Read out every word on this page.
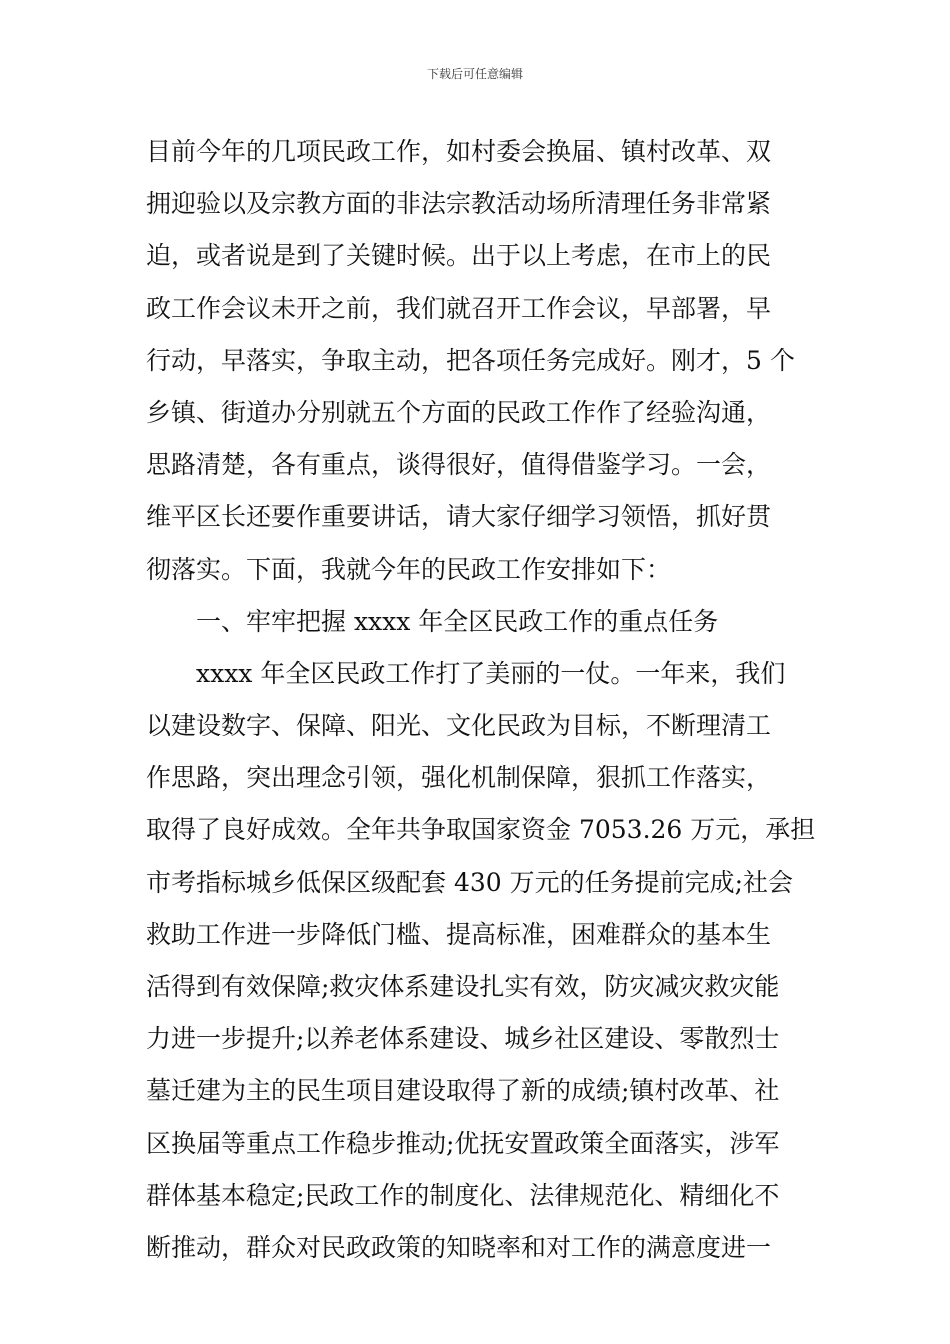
下载后可任意编辑
目前今年的几项民政工作，如村委会换届、镇村改革、双
拥迎验以及宗教方面的非法宗教活动场所清理任务非常紧
迫，或者说是到了关键时候。出于以上考虑，在市上的民
政工作会议未开之前，我们就召开工作会议，早部署，早
行动，早落实，争取主动，把各项任务完成好。刚才，5 个
乡镇、街道办分别就五个方面的民政工作作了经验沟通，
思路清楚，各有重点，谈得很好，值得借鉴学习。一会，
维平区长还要作重要讲话，请大家仔细学习领悟，抓好贯
彻落实。下面，我就今年的民政工作安排如下：
一、牢牢把握 xxxx 年全区民政工作的重点任务
xxxx 年全区民政工作打了美丽的一仗。一年来，我们
以建设数字、保障、阳光、文化民政为目标，不断理清工
作思路，突出理念引领，强化机制保障，狠抓工作落实，
取得了良好成效。全年共争取国家资金 7053.26 万元，承担
市考指标城乡低保区级配套 430 万元的任务提前完成;社会
救助工作进一步降低门槛、提高标准，困难群众的基本生
活得到有效保障;救灾体系建设扎实有效，防灾减灾救灾能
力进一步提升;以养老体系建设、城乡社区建设、零散烈士
墓迁建为主的民生项目建设取得了新的成绩;镇村改革、社
区换届等重点工作稳步推动;优抚安置政策全面落实，涉军
群体基本稳定;民政工作的制度化、法律规范化、精细化不
断推动，群众对民政政策的知晓率和对工作的满意度进一
